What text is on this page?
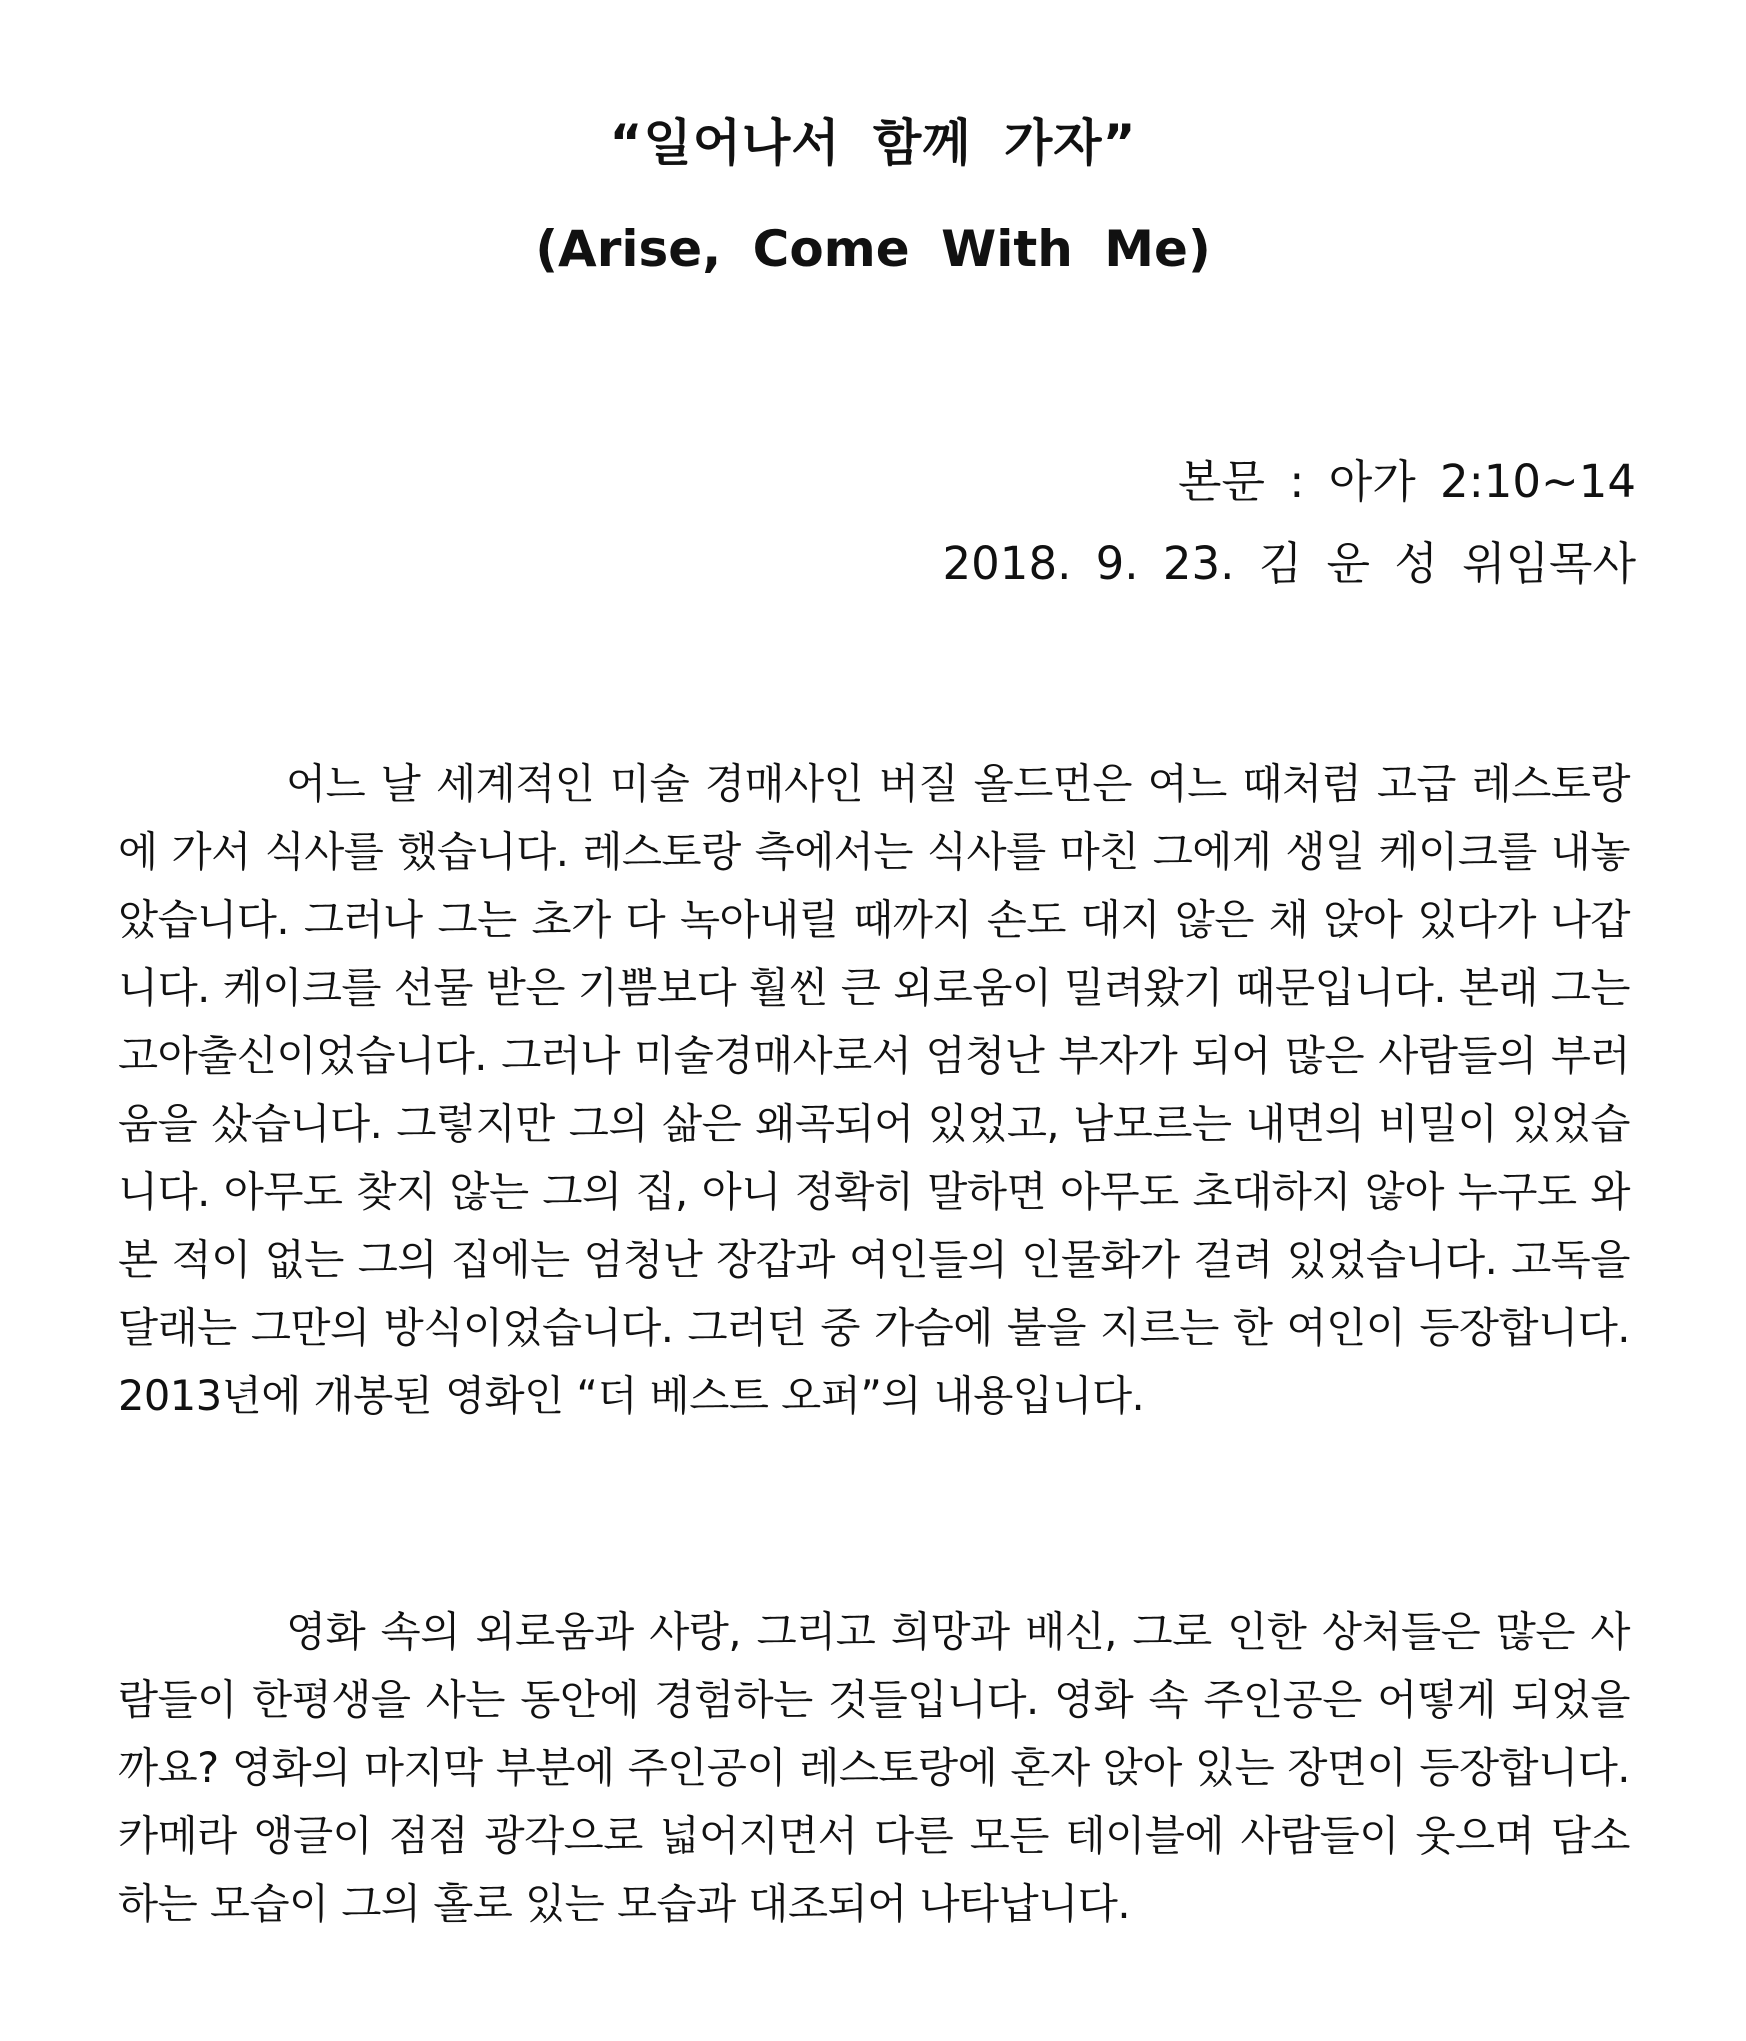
“일어나서 함께 가자”
(Arise, Come With Me)
본문 : 아가 2:10~14
2018. 9. 23. 김 운 성 위임목사

어느 날 세계적인 미술 경매사인 버질 올드먼은 여느 때처럼 고급 레스토랑에 가서 식사를 했습니다. 레스토랑 측에서는 식사를 마친 그에게 생일 케이크를 내놓았습니다. 그러나 그는 초가 다 녹아내릴 때까지 손도 대지 않은 채 앉아 있다가 나갑니다. 케이크를 선물 받은 기쁨보다 훨씬 큰 외로움이 밀려왔기 때문입니다. 본래 그는 고아출신이었습니다. 그러나 미술경매사로서 엄청난 부자가 되어 많은 사람들의 부러움을 샀습니다. 그렇지만 그의 삶은 왜곡되어 있었고, 남모르는 내면의 비밀이 있었습니다. 아무도 찾지 않는 그의 집, 아니 정확히 말하면 아무도 초대하지 않아 누구도 와 본 적이 없는 그의 집에는 엄청난 장갑과 여인들의 인물화가 걸려 있었습니다. 고독을 달래는 그만의 방식이었습니다. 그러던 중 가슴에 불을 지르는 한 여인이 등장합니다. 2013년에 개봉된 영화인 “더 베스트 오퍼”의 내용입니다.

영화 속의 외로움과 사랑, 그리고 희망과 배신, 그로 인한 상처들은 많은 사람들이 한평생을 사는 동안에 경험하는 것들입니다. 영화 속 주인공은 어떻게 되었을까요? 영화의 마지막 부분에 주인공이 레스토랑에 혼자 앉아 있는 장면이 등장합니다. 카메라 앵글이 점점 광각으로 넓어지면서 다른 모든 테이블에 사람들이 웃으며 담소하는 모습이 그의 홀로 있는 모습과 대조되어 나타납니다.
